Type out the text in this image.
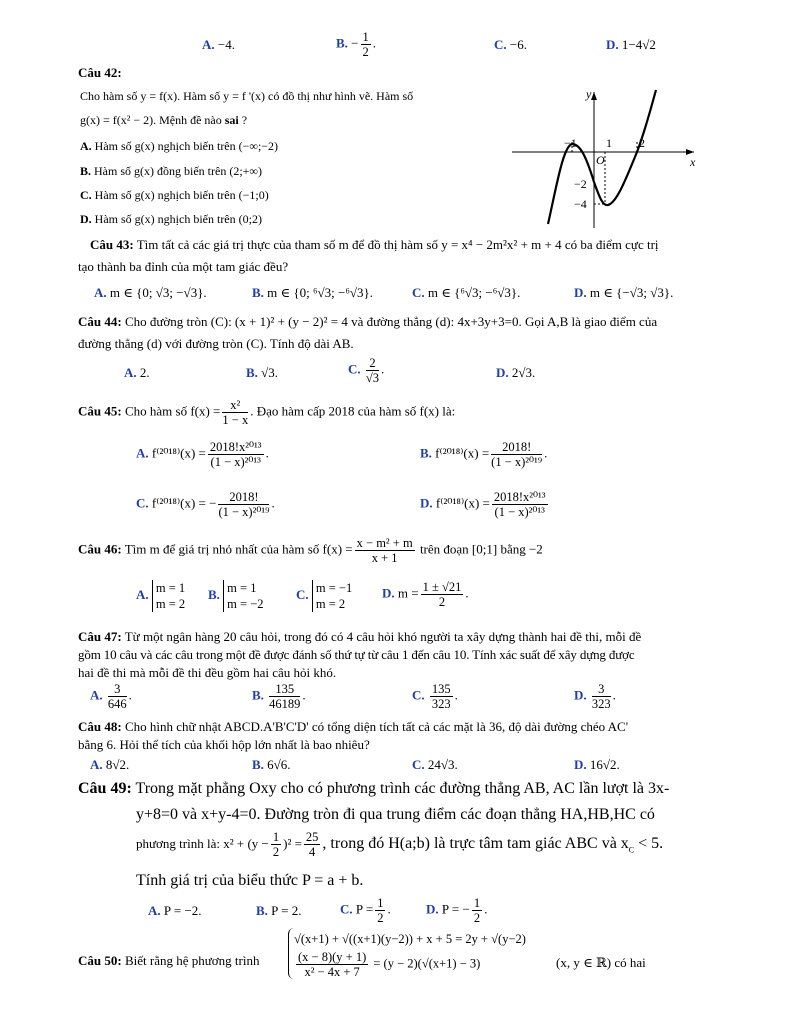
A. −4.	B. − $\frac{1}{2}$ .	C. −6.	D. 1−4√2
Câu 42:
Cho hàm số y = f(x). Hàm số y = f '(x) có đồ thị như hình vẽ. Hàm số
g(x) = f(x² − 2). Mệnh đề nào sai ?
A. Hàm số g(x) nghịch biến trên (−∞;−2)
B. Hàm số g(x) đồng biến trên (2;+∞)
C. Hàm số g(x) nghịch biến trên (−1;0)
D. Hàm số g(x) nghịch biến trên (0;2)
y
x
O
−1 1 2
−2
−4
Câu 43: Tìm tất cả các giá trị thực của tham số m để đồ thị hàm số y = x⁴ − 2m²x² + m + 4 có ba điểm cực trị
tạo thành ba đỉnh của một tam giác đều?
A. m ∈ {0; √3; −√3}.	B. m ∈ {0; ⁶√3; −⁶√3}.	C. m ∈ {⁶√3; −⁶√3}.	D. m ∈ {−√3; √3}.
Câu 44: Cho đường tròn (C): (x + 1)² + (y − 2)² = 4 và đường thẳng (d): 4x+3y+3=0. Gọi A,B là giao điểm của
đường thẳng (d) với đường tròn (C). Tính độ dài AB.
A. 2.	B. √3.	C. $\frac{2}{√3}$ .	D. 2√3.
Câu 45: Cho hàm số $f(x) = \frac{\text{x²}}{1 - x}$ . Đạo hàm cấp 2018 của hàm số f(x) là:
A. $f^{(2018)}(x) = \frac{\text{2018!x²⁰¹³}}{\text{(1 − x)²⁰¹³}}$ .	B. $f^{(2018)}(x) = \frac{2018!}{\text{(1 − x)²⁰¹⁹}}$ .
C. f⁽²⁰¹⁸⁾(x) = − $\frac{2018!}{\text{(1 − x)²⁰¹⁹}}$ .	D. $f^{(2018)}(x) = \frac{\text{2018!x²⁰¹³}}{\text{(1 − x)²⁰¹³}}$
Câu 46: Tìm m để giá trị nhỏ nhất của hàm số $f(x) = \frac{\text{x − m² + m}}{x + 1}$ trên đoạn [0;1] bằng −2
A. m = 1
m = 2
B. m = 1
m = −2
C. m = −1
m = 2
D. $m = \frac{1 \pm √21}{2}$ .
Câu 47: Từ một ngân hàng 20 câu hỏi, trong đó có 4 câu hỏi khó người ta xây dựng thành hai đề thi, mỗi đề
gồm 10 câu và các câu trong một đề được đánh số thứ tự từ câu 1 đến câu 10. Tính xác suất để xây dựng được
hai đề thi mà mỗi đề thi đều gồm hai câu hỏi khó.
A. $\frac{3}{646}$ .	B. $\frac{135}{46189}$ .	C. $\frac{135}{323}$ .	D. $\frac{3}{323}$ .
Câu 48: Cho hình chữ nhật ABCD.A'B'C'D' có tổng diện tích tất cả các mặt là 36, độ dài đường chéo AC'
bằng 6. Hỏi thể tích của khối hộp lớn nhất là bao nhiêu?
A. 8√2.	B. 6√6.	C. 24√3.	D. 16√2.
Câu 49: Trong mặt phẳng Oxy cho có phương trình các đường thẳng AB, AC lần lượt là 3x-
y+8=0 và x+y-4=0. Đường tròn đi qua trung điểm các đoạn thẳng HA,HB,HC có
phương trình là: $x^2 + (y - \frac{1}{2} )^2 = \frac{25}{4}$ , trong đó H(a;b) là trực tâm tam giác ABC và $x_C < 5$.
Tính giá trị của biểu thức P = a + b.
A. P = −2.	B. P = 2.	C. $P = \frac{1}{2}$ .	D. P = − $\frac{1}{2}$ .
Câu 50: Biết rằng hệ phương trình
√(x+1) + √((x+1)(y−2)) + x + 5 = 2y + √(y−2)
$\frac{(x - 8)(y + 1)}{\text{x² − 4x + 7}} = (y - 2)(√(x+1) - 3)$	(x, y ∈ ℝ) có hai
